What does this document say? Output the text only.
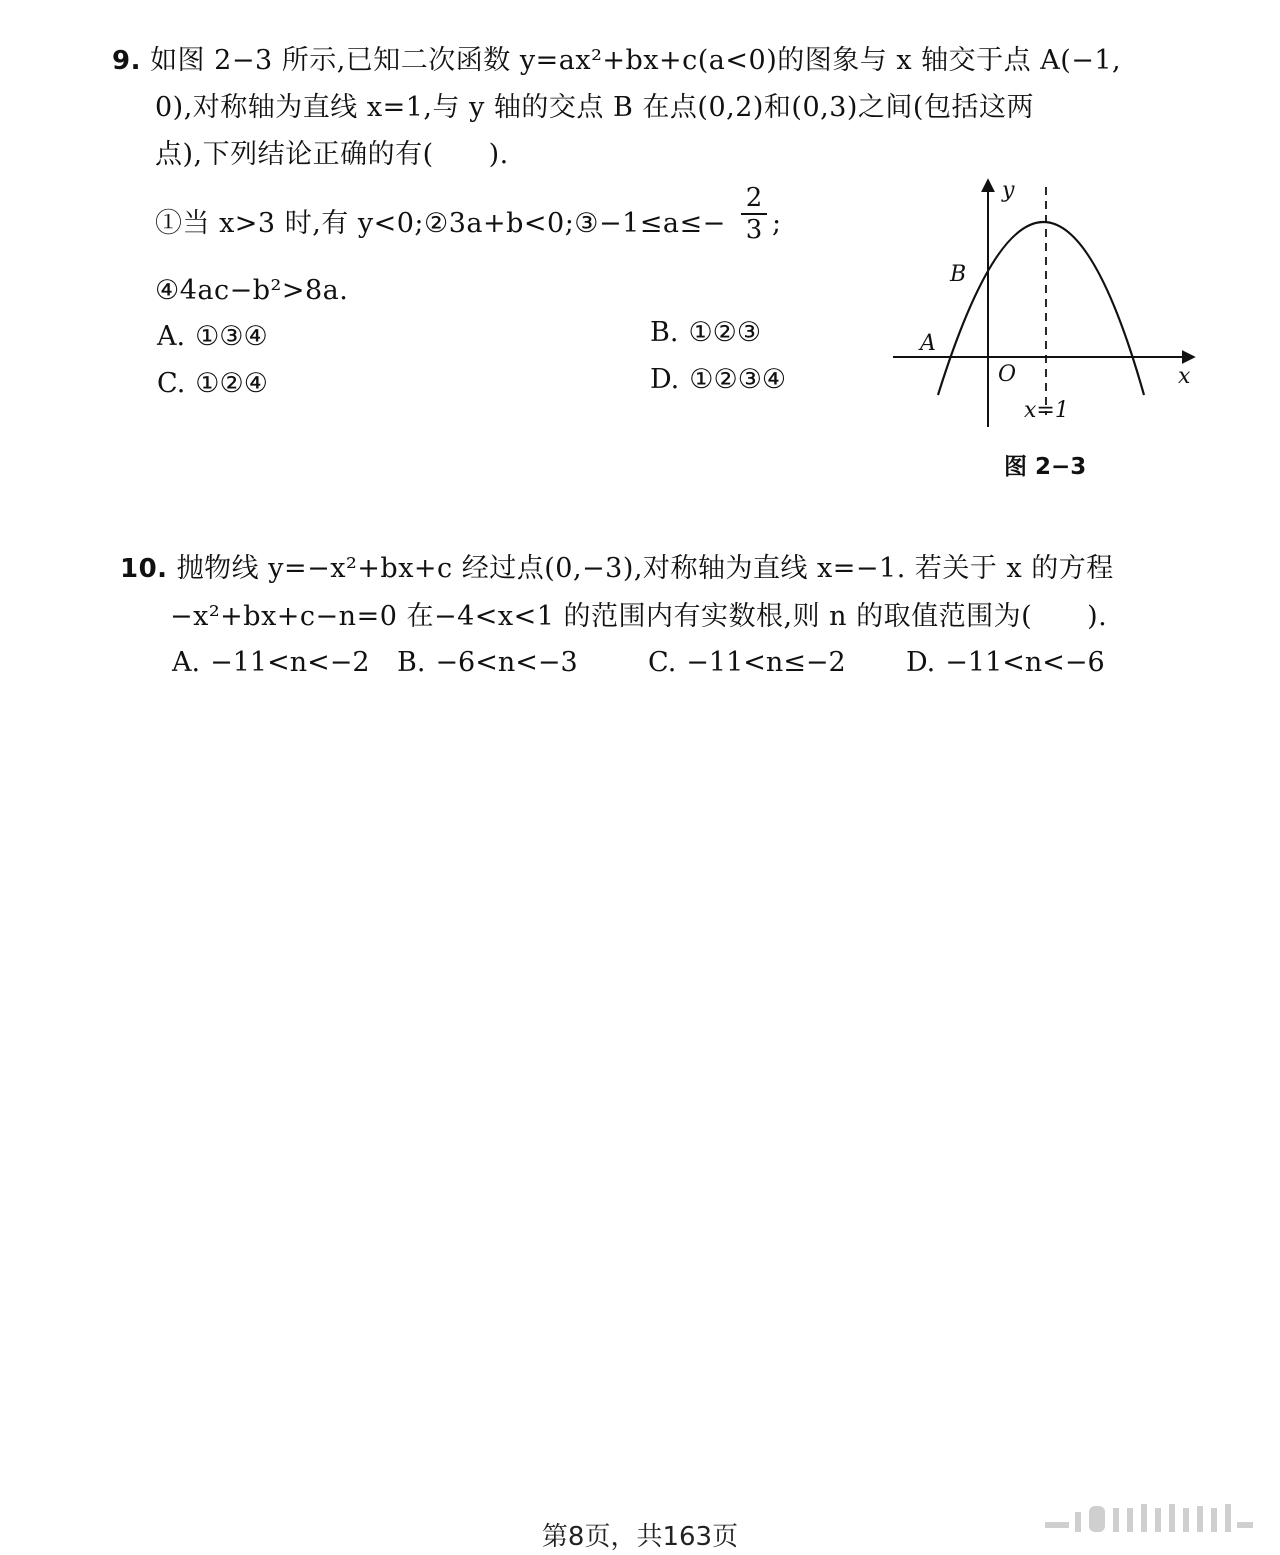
9. 如图 2−3 所示,已知二次函数 y=ax²+bx+c(a<0)的图象与 x 轴交于点 A(−1,
0),对称轴为直线 x=1,与 y 轴的交点 B 在点(0,2)和(0,3)之间(包括这两
点),下列结论正确的有(　　).
①当 x>3 时,有 y<0;②3a+b<0;③−1≤a≤−
2
3 ;
④4ac−b²>8a.
A. ①③④	B. ①②③
C. ①②④	D. ①②③④
y
x
O
A
B
x=1
图 2−3
10. 抛物线 y=−x²+bx+c 经过点(0,−3),对称轴为直线 x=−1. 若关于 x 的方程
−x²+bx+c−n=0 在−4<x<1 的范围内有实数根,则 n 的取值范围为(　　).
A. −11<n<−2 B. −6<n<−3	C. −11<n≤−2 D. −11<n<−6
第8页，共163页
